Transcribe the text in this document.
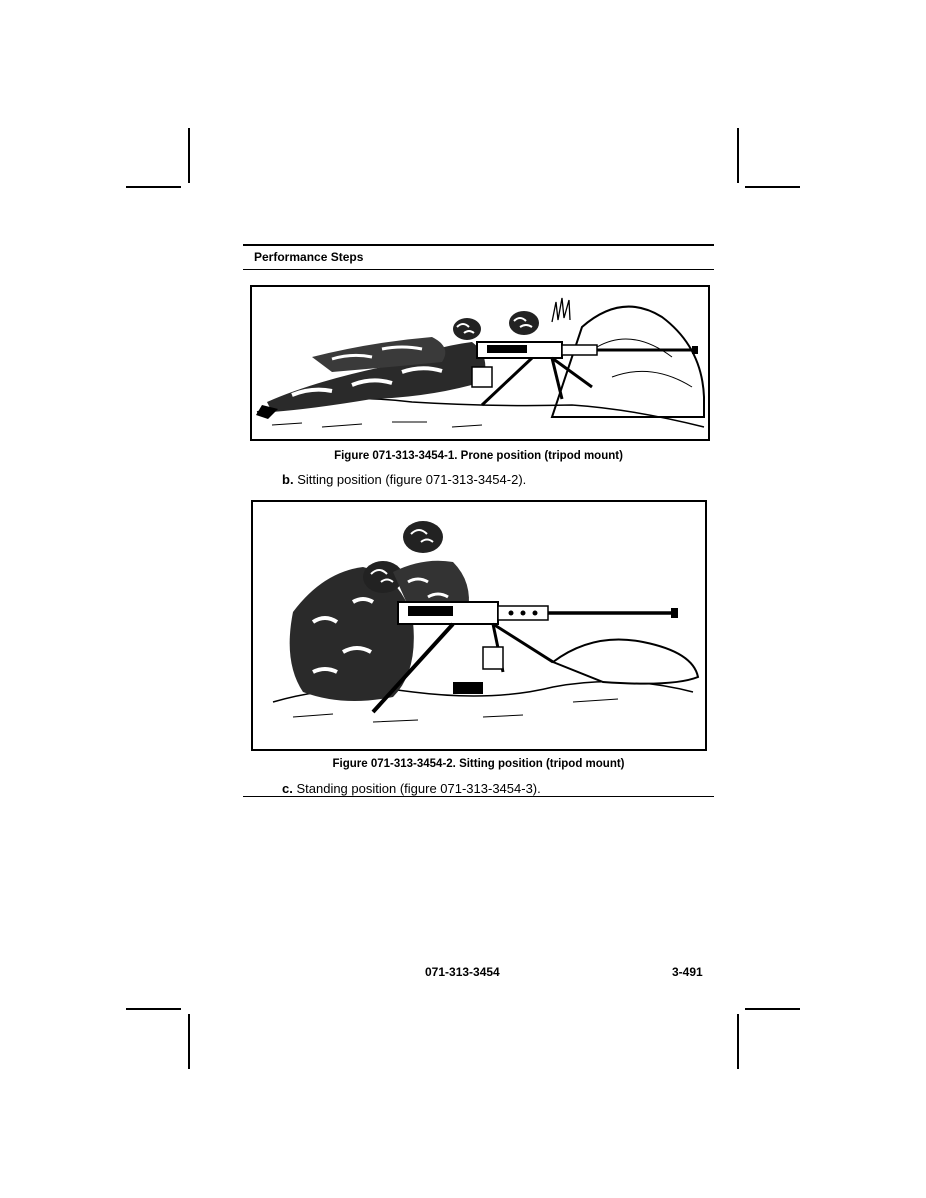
Performance Steps
Figure 071-313-3454-1. Prone position (tripod mount)
b. Sitting position (figure 071-313-3454-2).
Figure 071-313-3454-2. Sitting position (tripod mount)
c. Standing position (figure 071-313-3454-3).
071-313-3454	3-491
